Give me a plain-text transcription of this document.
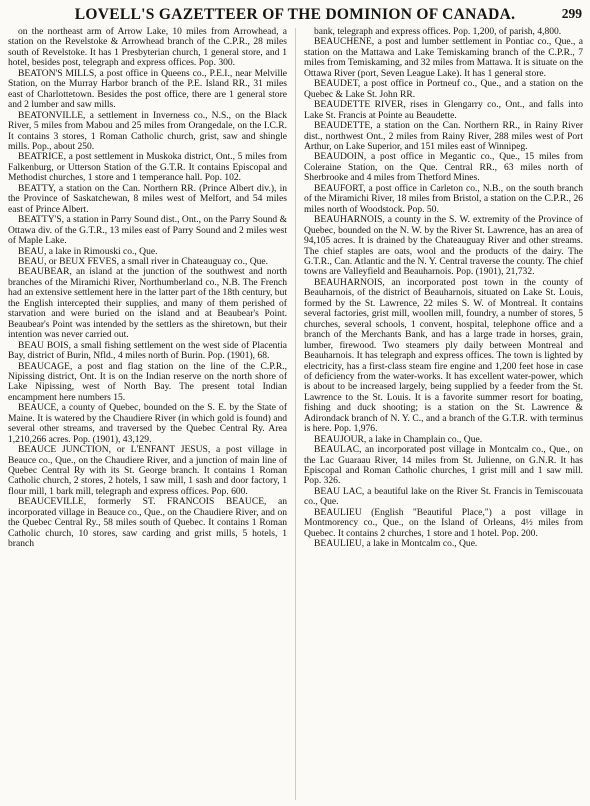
LOVELL'S GAZETTEER OF THE DOMINION OF CANADA.	299

on the northeast arm of Arrow Lake, 10 miles from Arrowhead, a station on the Revelstoke & Arrowhead branch of the C.P.R., 28 miles south of Revelstoke. It has 1 Presbyterian church, 1 general store, and 1 hotel, besides post, telegraph and express offices. Pop. 300.

BEATON'S MILLS, a post office in Queens co., P.E.I., near Melville Station, on the Murray Harbor branch of the P.E. Island RR., 31 miles east of Charlottetown. Besides the post office, there are 1 general store and 2 lumber and saw mills.

BEATONVILLE, a settlement in Inverness co., N.S., on the Black River, 5 miles from Mabou and 25 miles from Orangedale, on the I.C.R. It contains 3 stores, 1 Roman Catholic church, grist, saw and shingle mills. Pop., about 250.

BEATRICE, a post settlement in Muskoka district, Ont., 5 miles from Falkenburg, or Utterson Station of the G.T.R. It contains Episcopal and Methodist churches, 1 store and 1 temperance hall. Pop. 102.

BEATTY, a station on the Can. Northern RR. (Prince Albert div.), in the Province of Saskatchewan, 8 miles west of Melfort, and 54 miles east of Prince Albert.

BEATTY'S, a station in Parry Sound dist., Ont., on the Parry Sound & Ottawa div. of the G.T.R., 13 miles east of Parry Sound and 2 miles west of Maple Lake.

BEAU, a lake in Rimouski co., Que.

BEAU, or BEUX FEVES, a small river in Chateauguay co., Que.

BEAUBEAR, an island at the junction of the southwest and north branches of the Miramichi River, Northumberland co., N.B. The French had an extensive settlement here in the latter part of the 18th century, but the English intercepted their supplies, and many of them perished of starvation and were buried on the island and at Beaubear's Point. Beaubear's Point was intended by the settlers as the shiretown, but their intention was never carried out.

BEAU BOIS, a small fishing settlement on the west side of Placentia Bay, district of Burin, Nfld., 4 miles north of Burin. Pop. (1901), 68.

BEAUCAGE, a post and flag station on the line of the C.P.R., Nipissing district, Ont. It is on the Indian reserve on the north shore of Lake Nipissing, west of North Bay. The present total Indian encampment here numbers 15.

BEAUCE, a county of Quebec, bounded on the S. E. by the State of Maine. It is watered by the Chaudiere River (in which gold is found) and several other streams, and traversed by the Quebec Central Ry. Area 1,210,266 acres. Pop. (1901), 43,129.

BEAUCE JUNCTION, or L'ENFANT JESUS, a post village in Beauce co., Que., on the Chaudiere River, and a junction of main line of Quebec Central Ry with its St. George branch. It contains 1 Roman Catholic church, 2 stores, 2 hotels, 1 saw mill, 1 sash and door factory, 1 flour mill, 1 bark mill, telegraph and express offices. Pop. 600.

BEAUCEVILLE, formerly ST. FRANCOIS BEAUCE, an incorporated village in Beauce co., Que., on the Chaudiere River, and on the Quebec Central Ry., 58 miles south of Quebec. It contains 1 Roman Catholic church, 10 stores, saw carding and grist mills, 5 hotels, 1 branch

bank, telegraph and express offices. Pop. 1,200, of parish, 4,800.

BEAUCHENE, a post and lumber settlement in Pontiac co., Que., a station on the Mattawa and Lake Temiskaming branch of the C.P.R., 7 miles from Temiskaming, and 32 miles from Mattawa. It is situate on the Ottawa River (port, Seven League Lake). It has 1 general store.

BEAUDET, a post office in Portneuf co., Que., and a station on the Quebec & Lake St. John RR.

BEAUDETTE RIVER, rises in Glengarry co., Ont., and falls into Lake St. Francis at Pointe au Beaudette.

BEAUDETTE, a station on the Can. Northern RR., in Rainy River dist., northwest Ont., 2 miles from Rainy River, 288 miles west of Port Arthur, on Lake Superior, and 151 miles east of Winnipeg.

BEAUDOIN, a post office in Megantic co., Que., 15 miles from Coleraine Station, on the Que. Central RR., 63 miles north of Sherbrooke and 4 miles from Thetford Mines.

BEAUFORT, a post office in Carleton co., N.B., on the south branch of the Miramichi River, 18 miles from Bristol, a station on the C.P.R., 26 miles north of Woodstock. Pop. 50.

BEAUHARNOIS, a county in the S. W. extremity of the Province of Quebec, bounded on the N. W. by the River St. Lawrence, has an area of 94,105 acres. It is drained by the Chateauguay River and other streams. The chief staples are oats, wool and the products of the dairy. The G.T.R., Can. Atlantic and the N. Y. Central traverse the county. The chief towns are Valleyfield and Beauharnois. Pop. (1901), 21,732.

BEAUHARNOIS, an incorporated post town in the county of Beauharnois, of the district of Beauharnois, situated on Lake St. Louis, formed by the St. Lawrence, 22 miles S. W. of Montreal. It contains several factories, grist mill, woollen mill, foundry, a number of stores, 5 churches, several schools, 1 convent, hospital, telephone office and a branch of the Merchants Bank, and has a large trade in horses, grain, lumber, firewood. Two steamers ply daily between Montreal and Beauharnois. It has telegraph and express offices. The town is lighted by electricity, has a first-class steam fire engine and 1,200 feet hose in case of deficiency from the water-works. It has excellent water-power, which is about to be increased largely, being supplied by a feeder from the St. Lawrence to the St. Louis. It is a favorite summer resort for boating, fishing and duck shooting; is a station on the St. Lawrence & Adirondack branch of N. Y. C., and a branch of the G.T.R. with terminus is here. Pop. 1,976.

BEAUJOUR, a lake in Champlain co., Que.

BEAULAC, an incorporated post village in Montcalm co., Que., on the Lac Guaraau River, 14 miles from St. Julienne, on G.N.R. It has Episcopal and Roman Catholic churches, 1 grist mill and 1 saw mill. Pop. 326.

BEAU LAC, a beautiful lake on the River St. Francis in Temiscouata co., Que.

BEAULIEU (English "Beautiful Place,") a post village in Montmorency co., Que., on the Island of Orleans, 4½ miles from Quebec. It contains 2 churches, 1 store and 1 hotel. Pop. 200.

BEAULIEU, a lake in Montcalm co., Que.
